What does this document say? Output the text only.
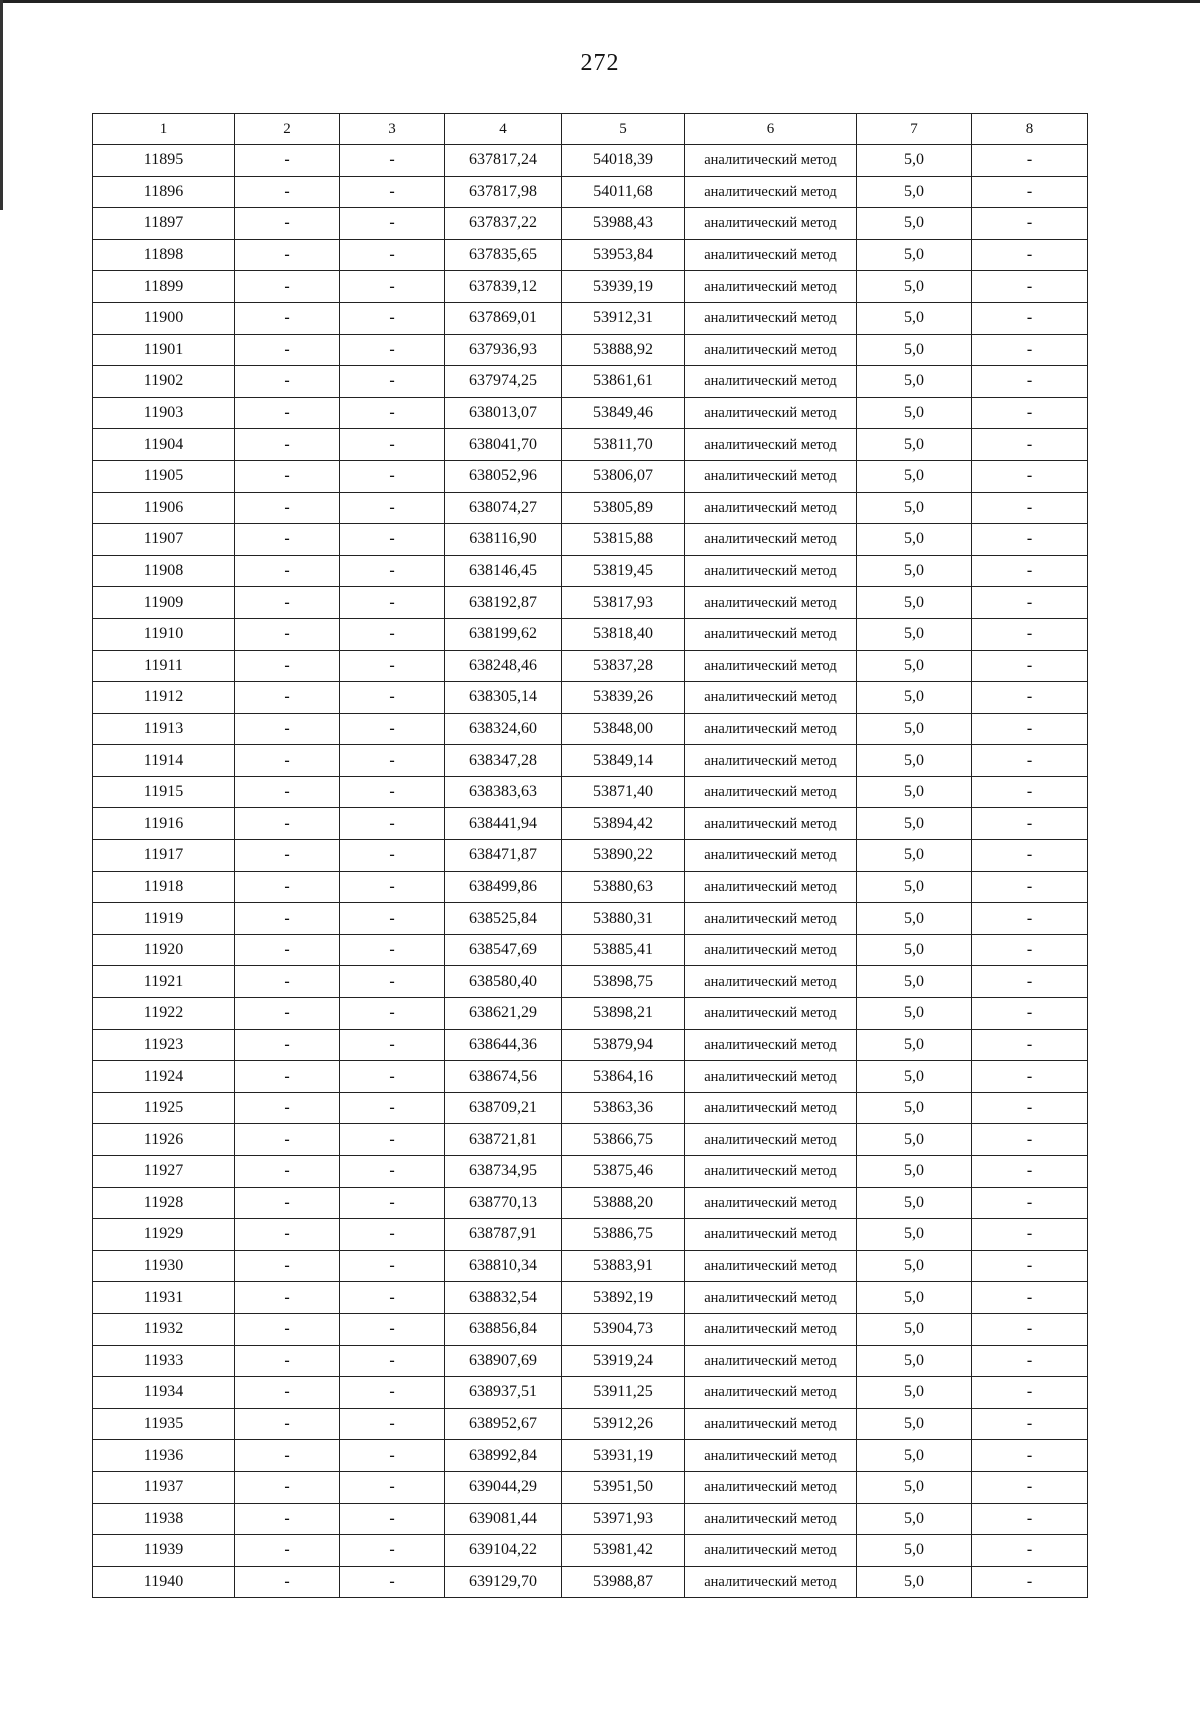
272
1	2	3	4	5	6	7	8
11895	-	-	637817,24	54018,39	аналитический метод	5,0	-
11896	-	-	637817,98	54011,68	аналитический метод	5,0	-
11897	-	-	637837,22	53988,43	аналитический метод	5,0	-
11898	-	-	637835,65	53953,84	аналитический метод	5,0	-
11899	-	-	637839,12	53939,19	аналитический метод	5,0	-
11900	-	-	637869,01	53912,31	аналитический метод	5,0	-
11901	-	-	637936,93	53888,92	аналитический метод	5,0	-
11902	-	-	637974,25	53861,61	аналитический метод	5,0	-
11903	-	-	638013,07	53849,46	аналитический метод	5,0	-
11904	-	-	638041,70	53811,70	аналитический метод	5,0	-
11905	-	-	638052,96	53806,07	аналитический метод	5,0	-
11906	-	-	638074,27	53805,89	аналитический метод	5,0	-
11907	-	-	638116,90	53815,88	аналитический метод	5,0	-
11908	-	-	638146,45	53819,45	аналитический метод	5,0	-
11909	-	-	638192,87	53817,93	аналитический метод	5,0	-
11910	-	-	638199,62	53818,40	аналитический метод	5,0	-
11911	-	-	638248,46	53837,28	аналитический метод	5,0	-
11912	-	-	638305,14	53839,26	аналитический метод	5,0	-
11913	-	-	638324,60	53848,00	аналитический метод	5,0	-
11914	-	-	638347,28	53849,14	аналитический метод	5,0	-
11915	-	-	638383,63	53871,40	аналитический метод	5,0	-
11916	-	-	638441,94	53894,42	аналитический метод	5,0	-
11917	-	-	638471,87	53890,22	аналитический метод	5,0	-
11918	-	-	638499,86	53880,63	аналитический метод	5,0	-
11919	-	-	638525,84	53880,31	аналитический метод	5,0	-
11920	-	-	638547,69	53885,41	аналитический метод	5,0	-
11921	-	-	638580,40	53898,75	аналитический метод	5,0	-
11922	-	-	638621,29	53898,21	аналитический метод	5,0	-
11923	-	-	638644,36	53879,94	аналитический метод	5,0	-
11924	-	-	638674,56	53864,16	аналитический метод	5,0	-
11925	-	-	638709,21	53863,36	аналитический метод	5,0	-
11926	-	-	638721,81	53866,75	аналитический метод	5,0	-
11927	-	-	638734,95	53875,46	аналитический метод	5,0	-
11928	-	-	638770,13	53888,20	аналитический метод	5,0	-
11929	-	-	638787,91	53886,75	аналитический метод	5,0	-
11930	-	-	638810,34	53883,91	аналитический метод	5,0	-
11931	-	-	638832,54	53892,19	аналитический метод	5,0	-
11932	-	-	638856,84	53904,73	аналитический метод	5,0	-
11933	-	-	638907,69	53919,24	аналитический метод	5,0	-
11934	-	-	638937,51	53911,25	аналитический метод	5,0	-
11935	-	-	638952,67	53912,26	аналитический метод	5,0	-
11936	-	-	638992,84	53931,19	аналитический метод	5,0	-
11937	-	-	639044,29	53951,50	аналитический метод	5,0	-
11938	-	-	639081,44	53971,93	аналитический метод	5,0	-
11939	-	-	639104,22	53981,42	аналитический метод	5,0	-
11940	-	-	639129,70	53988,87	аналитический метод	5,0	-
